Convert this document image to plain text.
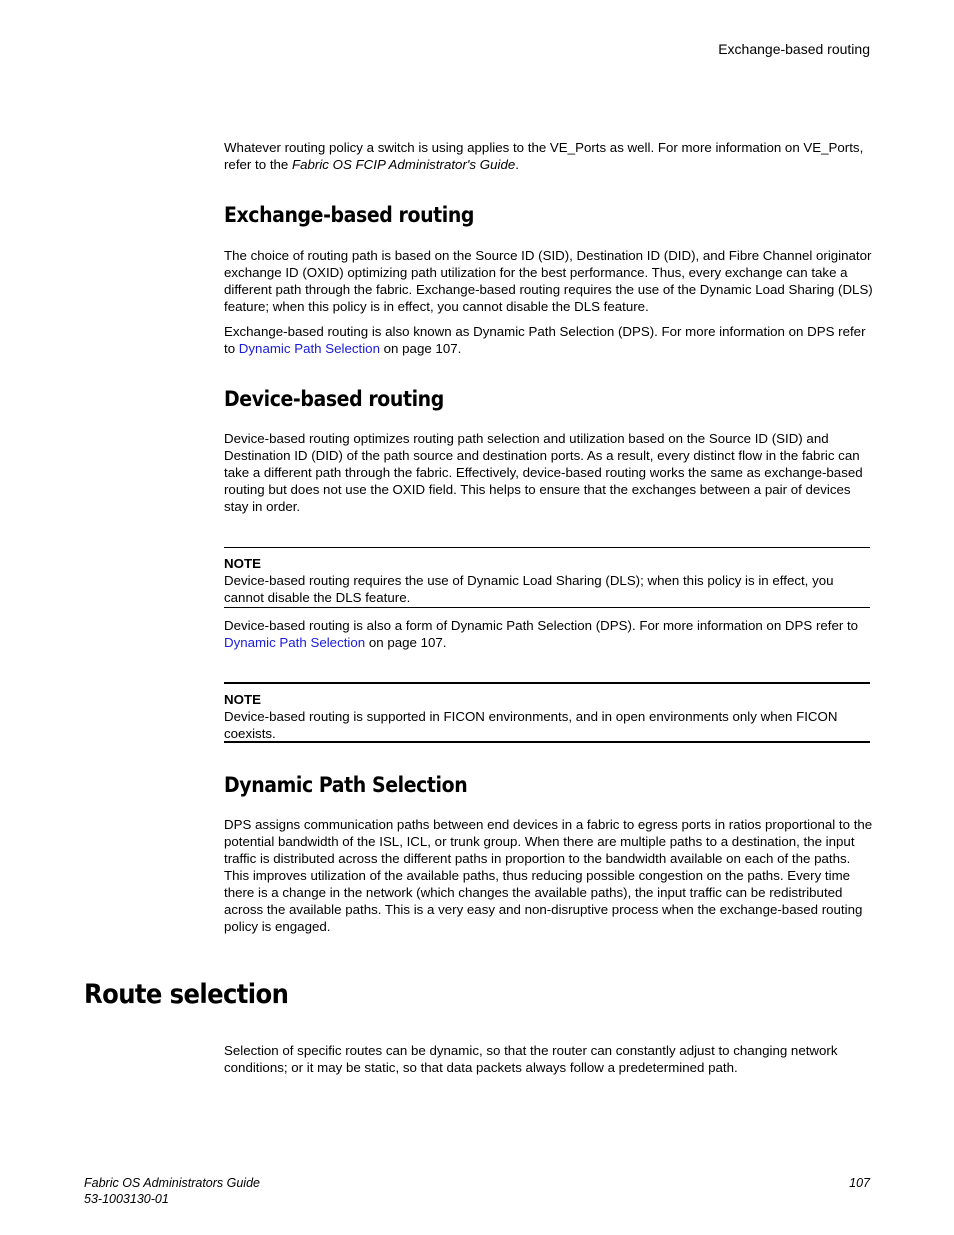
Exchange-based routing

Whatever routing policy a switch is using applies to the VE_Ports as well. For more information on VE_Ports, refer to the Fabric OS FCIP Administrator's Guide.

Exchange-based routing

The choice of routing path is based on the Source ID (SID), Destination ID (DID), and Fibre Channel originator exchange ID (OXID) optimizing path utilization for the best performance. Thus, every exchange can take a different path through the fabric. Exchange-based routing requires the use of the Dynamic Load Sharing (DLS) feature; when this policy is in effect, you cannot disable the DLS feature.

Exchange-based routing is also known as Dynamic Path Selection (DPS). For more information on DPS refer to Dynamic Path Selection on page 107.

Device-based routing

Device-based routing optimizes routing path selection and utilization based on the Source ID (SID) and Destination ID (DID) of the path source and destination ports. As a result, every distinct flow in the fabric can take a different path through the fabric. Effectively, device-based routing works the same as exchange-based routing but does not use the OXID field. This helps to ensure that the exchanges between a pair of devices stay in order.

NOTE
Device-based routing requires the use of Dynamic Load Sharing (DLS); when this policy is in effect, you cannot disable the DLS feature.

Device-based routing is also a form of Dynamic Path Selection (DPS). For more information on DPS refer to Dynamic Path Selection on page 107.

NOTE
Device-based routing is supported in FICON environments, and in open environments only when FICON coexists.
Dynamic Path Selection

DPS assigns communication paths between end devices in a fabric to egress ports in ratios proportional to the potential bandwidth of the ISL, ICL, or trunk group. When there are multiple paths to a destination, the input traffic is distributed across the different paths in proportion to the bandwidth available on each of the paths. This improves utilization of the available paths, thus reducing possible congestion on the paths. Every time there is a change in the network (which changes the available paths), the input traffic can be redistributed across the available paths. This is a very easy and non-disruptive process when the exchange-based routing policy is engaged.

Route selection

Selection of specific routes can be dynamic, so that the router can constantly adjust to changing network conditions; or it may be static, so that data packets always follow a predetermined path.

Fabric OS Administrators Guide
53-1003130-01
107
